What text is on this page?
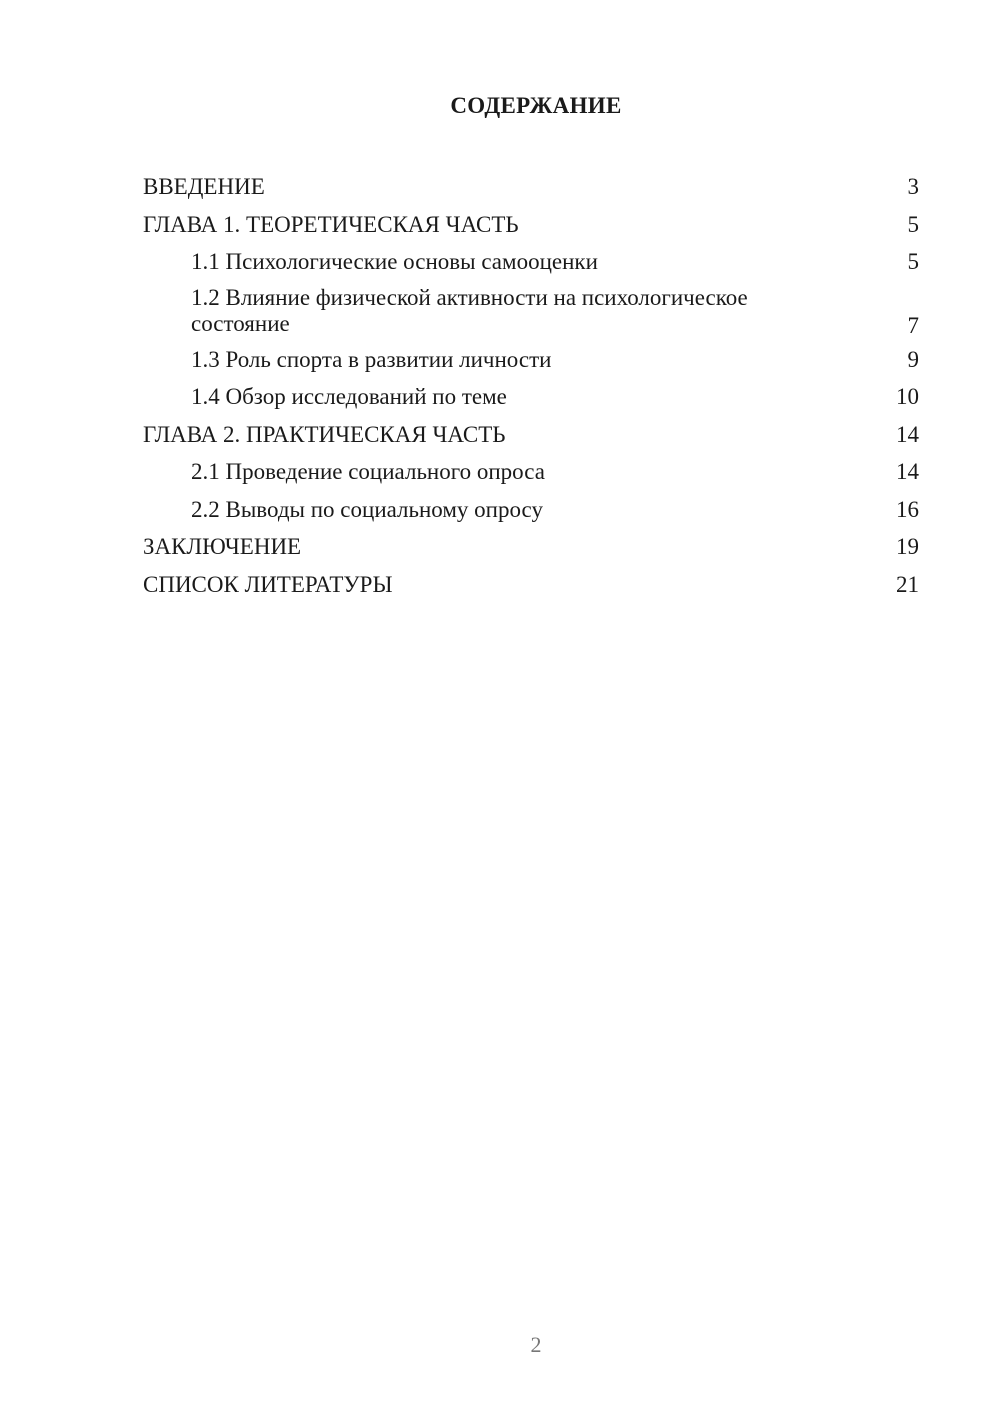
СОДЕРЖАНИЕ
ВВЕДЕНИЕ	3
ГЛАВА 1. ТЕОРЕТИЧЕСКАЯ ЧАСТЬ	5
1.1 Психологические основы самооценки	5
1.2 Влияние физической активности на психологическое состояние	7
1.3 Роль спорта в развитии личности	9
1.4 Обзор исследований по теме	10
ГЛАВА 2. ПРАКТИЧЕСКАЯ ЧАСТЬ	14
2.1 Проведение социального опроса	14
2.2 Выводы по социальному опросу	16
ЗАКЛЮЧЕНИЕ	19
СПИСОК ЛИТЕРАТУРЫ	21
2
